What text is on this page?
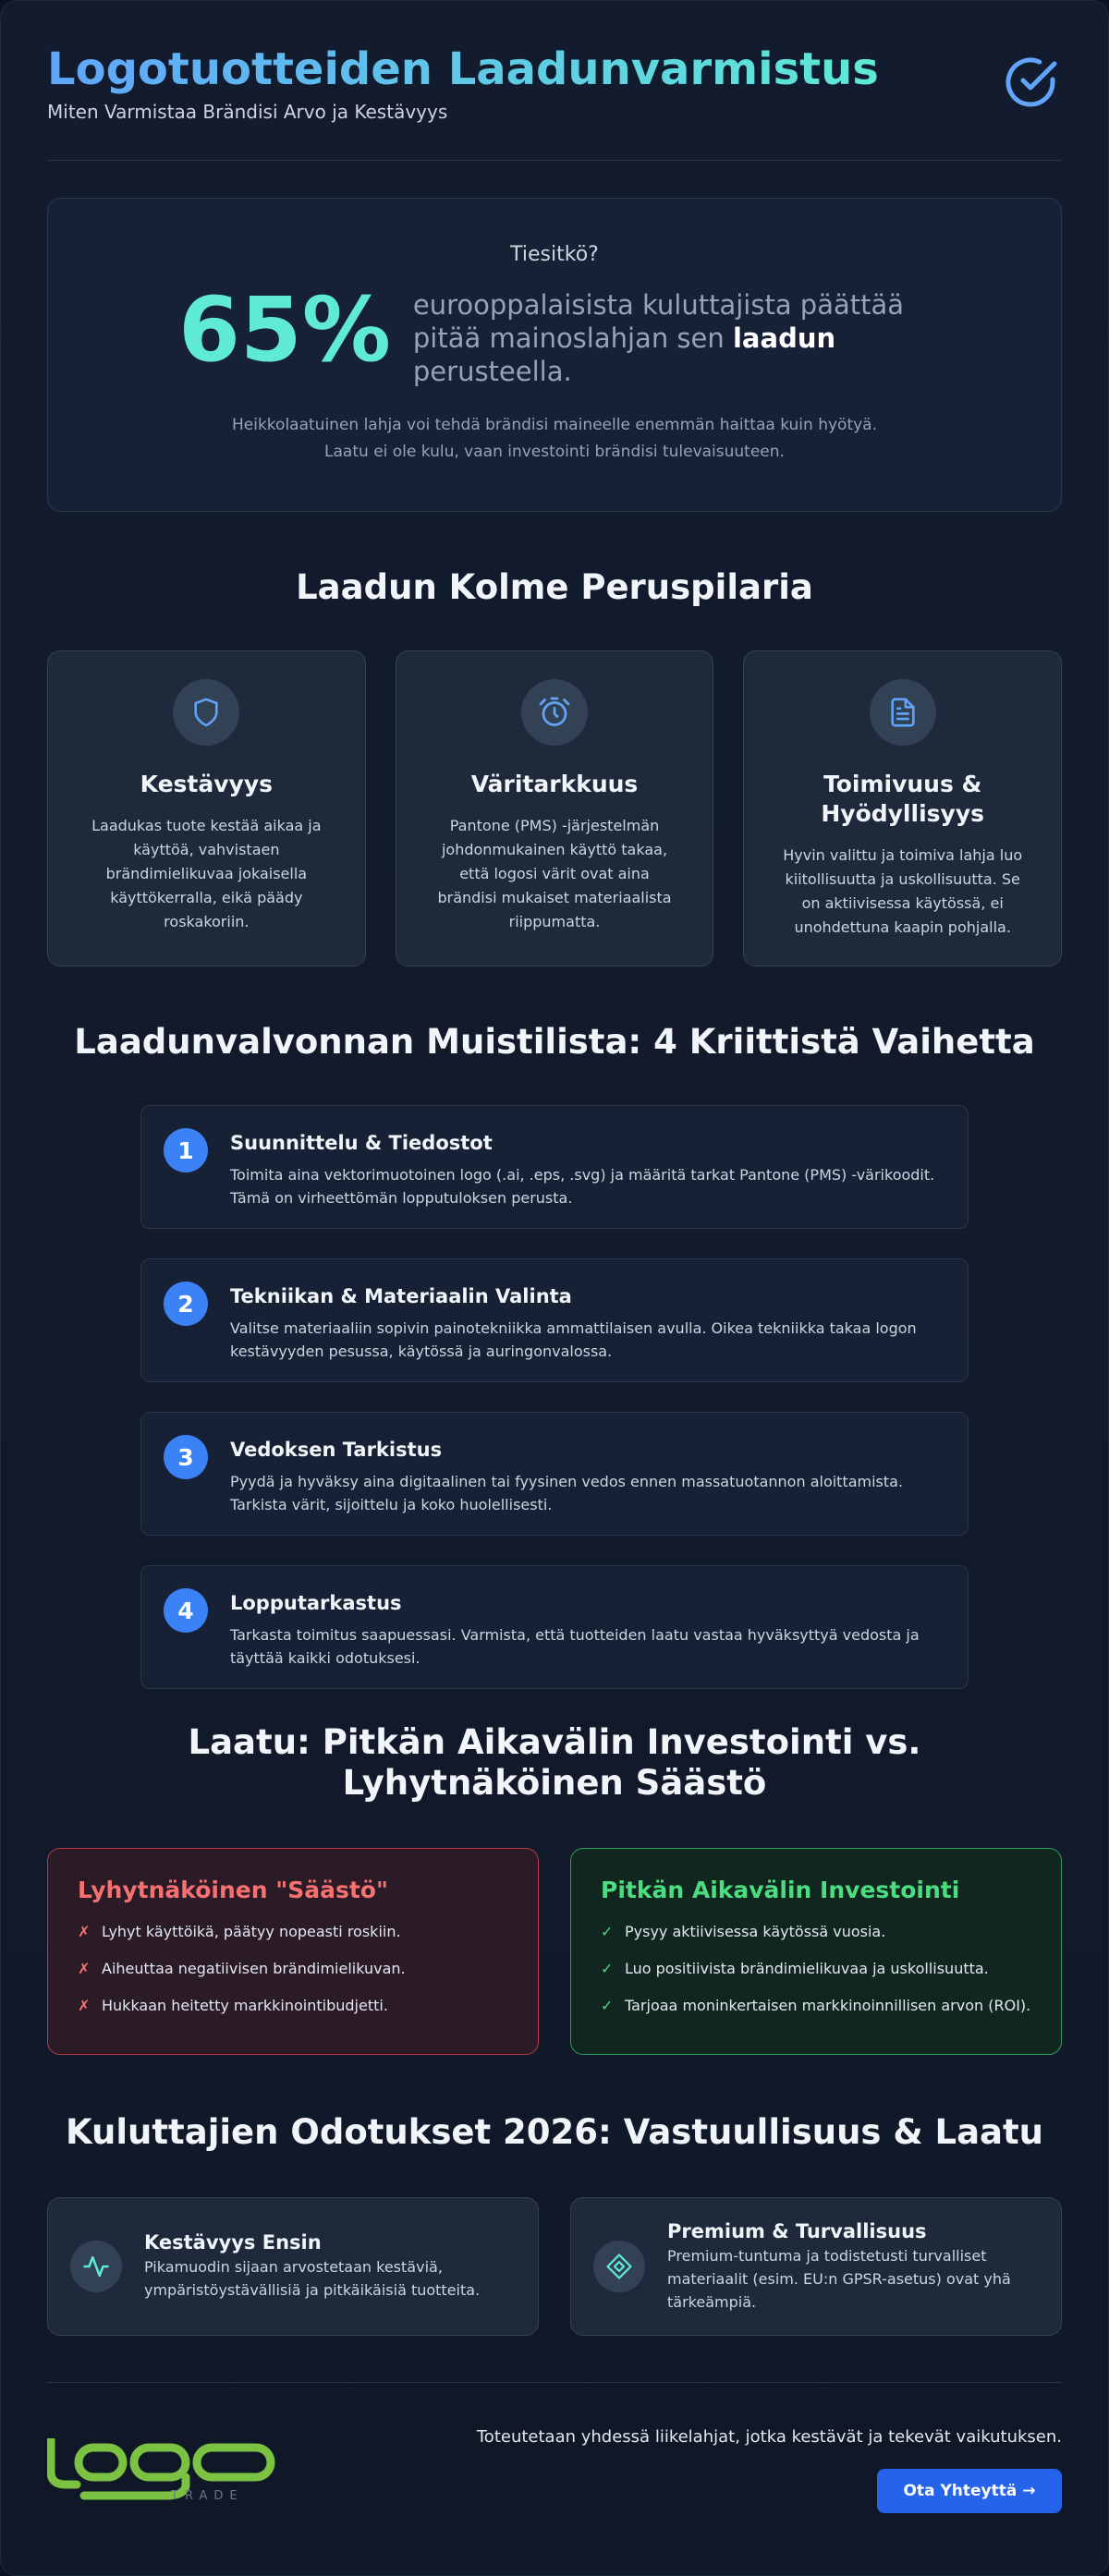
Logotuotteiden Laadunvarmistus
Miten Varmistaa Brändisi Arvo ja Kestävyys
Tiesitkö?
65% eurooppalaisista kuluttajista päättää pitää mainoslahjan sen laadun perusteella.
Heikkolaatuinen lahja voi tehdä brändisi maineelle enemmän haittaa kuin hyötyä.
Laatu ei ole kulu, vaan investointi brändisi tulevaisuuteen.
Laadun Kolme Peruspilaria
Kestävyys
Laadukas tuote kestää aikaa ja käyttöä, vahvistaen brändimielikuvaa jokaisella käyttökerralla, eikä päädy roskakoriin.
Väritarkkuus
Pantone (PMS) -järjestelmän johdonmukainen käyttö takaa, että logosi värit ovat aina brändisi mukaiset materiaalista riippumatta.
Toimivuus & Hyödyllisyys
Hyvin valittu ja toimiva lahja luo kiitollisuutta ja uskollisuutta. Se on aktiivisessa käytössä, ei unohdettuna kaapin pohjalla.
Laadunvalvonnan Muistilista: 4 Kriittistä Vaihetta
1	Suunnittelu & Tiedostot
Toimita aina vektorimuotoinen logo (.ai, .eps, .svg) ja määritä tarkat Pantone (PMS) -värikoodit. Tämä on virheettömän lopputuloksen perusta.
2	Tekniikan & Materiaalin Valinta
Valitse materiaaliin sopivin painotekniikka ammattilaisen avulla. Oikea tekniikka takaa logon kestävyyden pesussa, käytössä ja auringonvalossa.
3	Vedoksen Tarkistus
Pyydä ja hyväksy aina digitaalinen tai fyysinen vedos ennen massatuotannon aloittamista. Tarkista värit, sijoittelu ja koko huolellisesti.
4	Lopputarkastus
Tarkasta toimitus saapuessasi. Varmista, että tuotteiden laatu vastaa hyväksyttyä vedosta ja täyttää kaikki odotuksesi.
Laatu: Pitkän Aikavälin Investointi vs. Lyhytnäköinen Säästö
Lyhytnäköinen "Säästö"
✗ Lyhyt käyttöikä, päätyy nopeasti roskiin.
✗ Aiheuttaa negatiivisen brändimielikuvan.
✗ Hukkaan heitetty markkinointibudjetti.
Pitkän Aikavälin Investointi
✓ Pysyy aktiivisessa käytössä vuosia.
✓ Luo positiivista brändimielikuvaa ja uskollisuutta.
✓ Tarjoaa moninkertaisen markkinoinnillisen arvon (ROI).
Kuluttajien Odotukset 2026: Vastuullisuus & Laatu
Kestävyys Ensin
Pikamuodin sijaan arvostetaan kestäviä, ympäristöystävällisiä ja pitkäikäisiä tuotteita.
Premium & Turvallisuus
Premium-tuntuma ja todistetusti turvalliset materiaalit (esim. EU:n GPSR-asetus) ovat yhä tärkeämpiä.
TRADE
Toteutetaan yhdessä liikelahjat, jotka kestävät ja tekevät vaikutuksen.
Ota Yhteyttä →
